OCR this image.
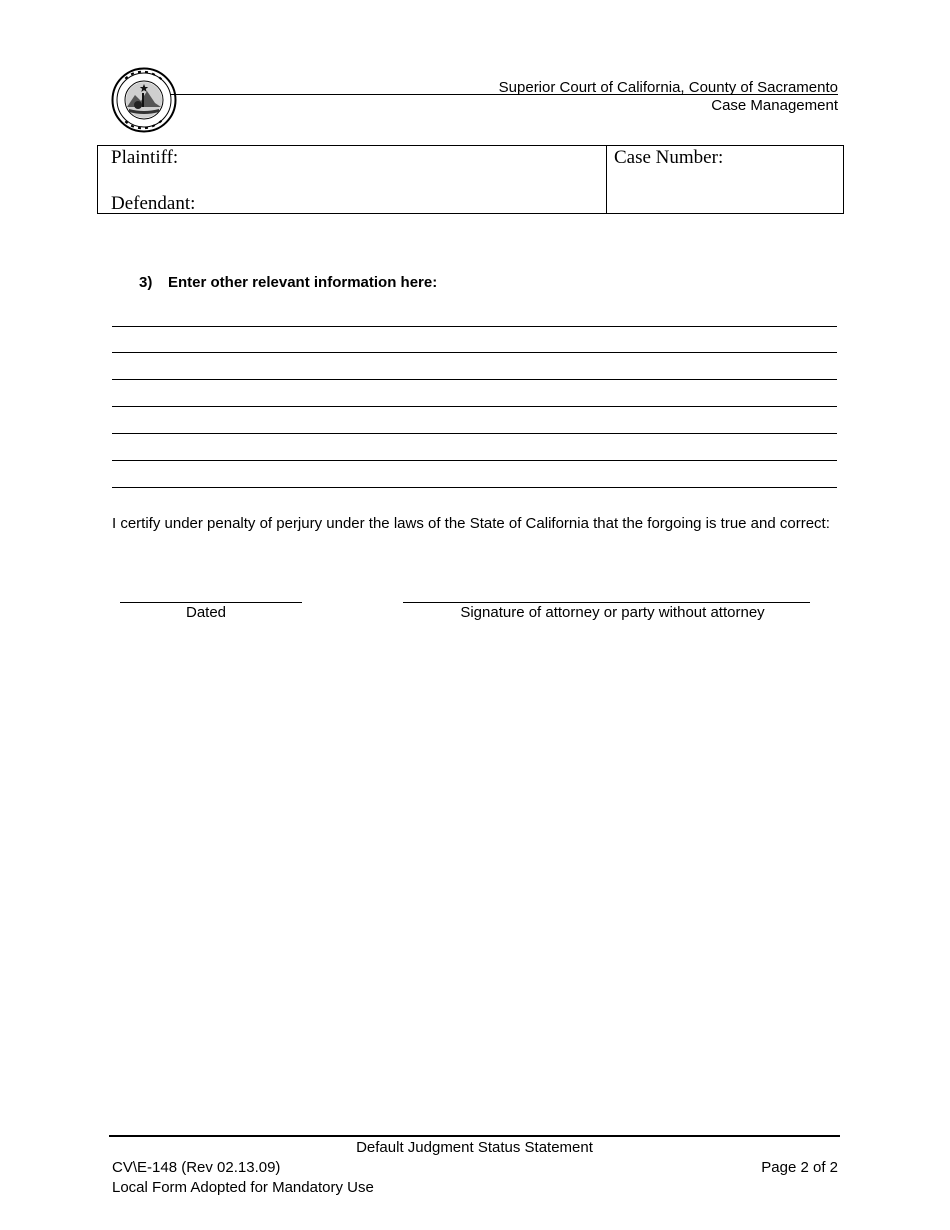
Superior Court of California, County of Sacramento
Case Management
Plaintiff:
Defendant:
Case Number:
3) Enter other relevant information here:
I certify under penalty of perjury under the laws of the State of California that the forgoing is true and correct:
Dated	Signature of attorney or party without attorney
Default Judgment Status Statement
CV\E-148 (Rev 02.13.09)
Local Form Adopted for Mandatory Use
Page 2 of 2
